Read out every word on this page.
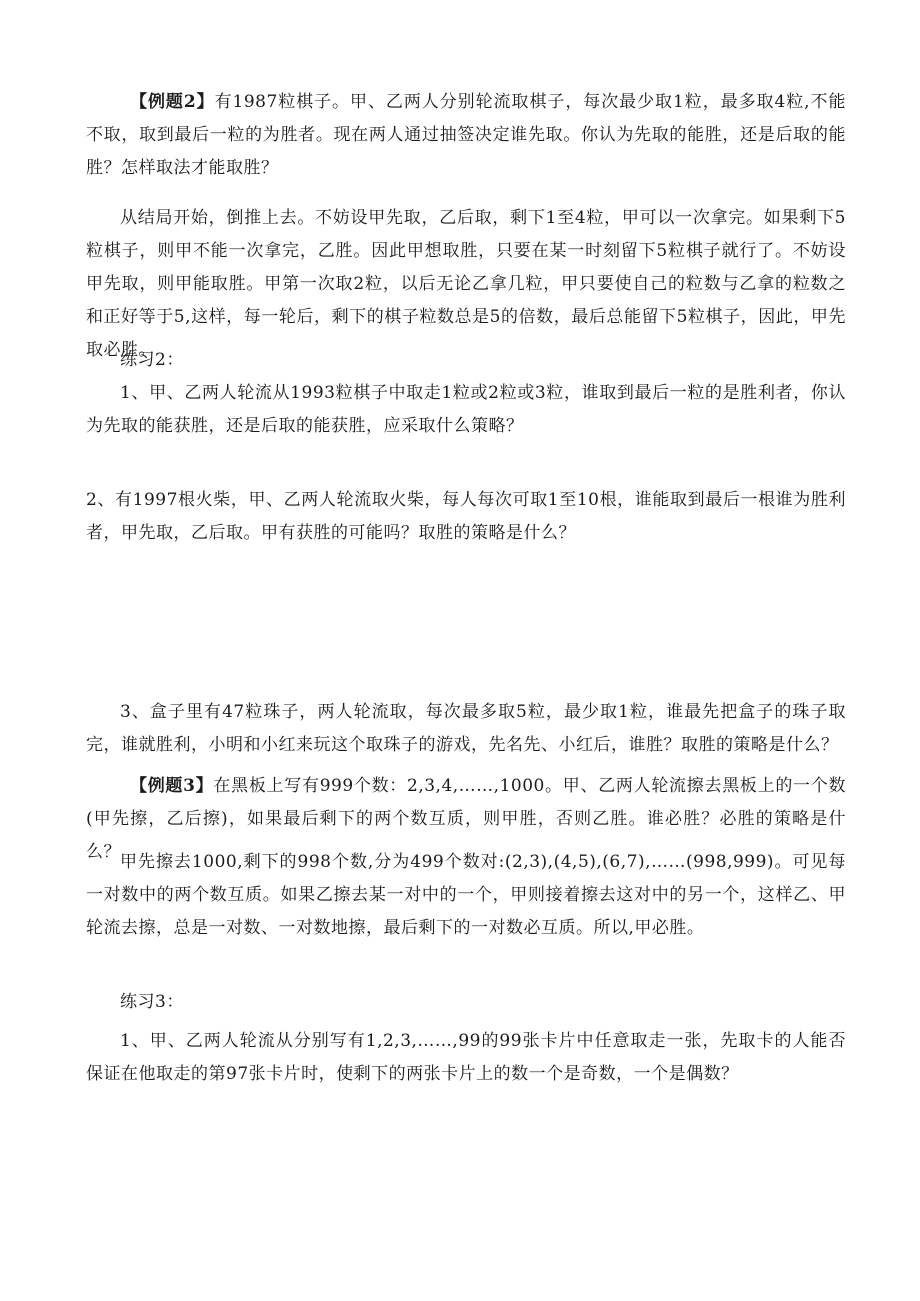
【例题2】有1987粒棋子。甲、乙两人分别轮流取棋子，每次最少取1粒，最多取4粒,不能不取，取到最后一粒的为胜者。现在两人通过抽签决定谁先取。你认为先取的能胜，还是后取的能胜？怎样取法才能取胜？

从结局开始，倒推上去。不妨设甲先取，乙后取，剩下1至4粒，甲可以一次拿完。如果剩下5粒棋子，则甲不能一次拿完，乙胜。因此甲想取胜，只要在某一时刻留下5粒棋子就行了。不妨设甲先取，则甲能取胜。甲第一次取2粒，以后无论乙拿几粒，甲只要使自己的粒数与乙拿的粒数之和正好等于5,这样，每一轮后，剩下的棋子粒数总是5的倍数，最后总能留下5粒棋子，因此，甲先取必胜。

练习2：

1、甲、乙两人轮流从1993粒棋子中取走1粒或2粒或3粒，谁取到最后一粒的是胜利者，你认为先取的能获胜，还是后取的能获胜，应采取什么策略？

2、有1997根火柴，甲、乙两人轮流取火柴，每人每次可取1至10根，谁能取到最后一根谁为胜利者，甲先取，乙后取。甲有获胜的可能吗？取胜的策略是什么？

3、盒子里有47粒珠子，两人轮流取，每次最多取5粒，最少取1粒，谁最先把盒子的珠子取完，谁就胜利，小明和小红来玩这个取珠子的游戏，先名先、小红后，谁胜？取胜的策略是什么？

【例题3】在黑板上写有999个数：2,3,4,……,1000。甲、乙两人轮流擦去黑板上的一个数(甲先擦，乙后擦)，如果最后剩下的两个数互质，则甲胜，否则乙胜。谁必胜？必胜的策略是什么？ 甲先擦去1000,剩下的998个数,分为499个数对:(2,3),(4,5),(6,7),……(998,999)。可见每一对数中的两个数互质。如果乙擦去某一对中的一个，甲则接着擦去这对中的另一个，这样乙、甲轮流去擦，总是一对数、一对数地擦，最后剩下的一对数必互质。所以,甲必胜。

练习3：

1、甲、乙两人轮流从分别写有1,2,3,……,99的99张卡片中任意取走一张，先取卡的人能否保证在他取走的第97张卡片时，使剩下的两张卡片上的数一个是奇数，一个是偶数？
